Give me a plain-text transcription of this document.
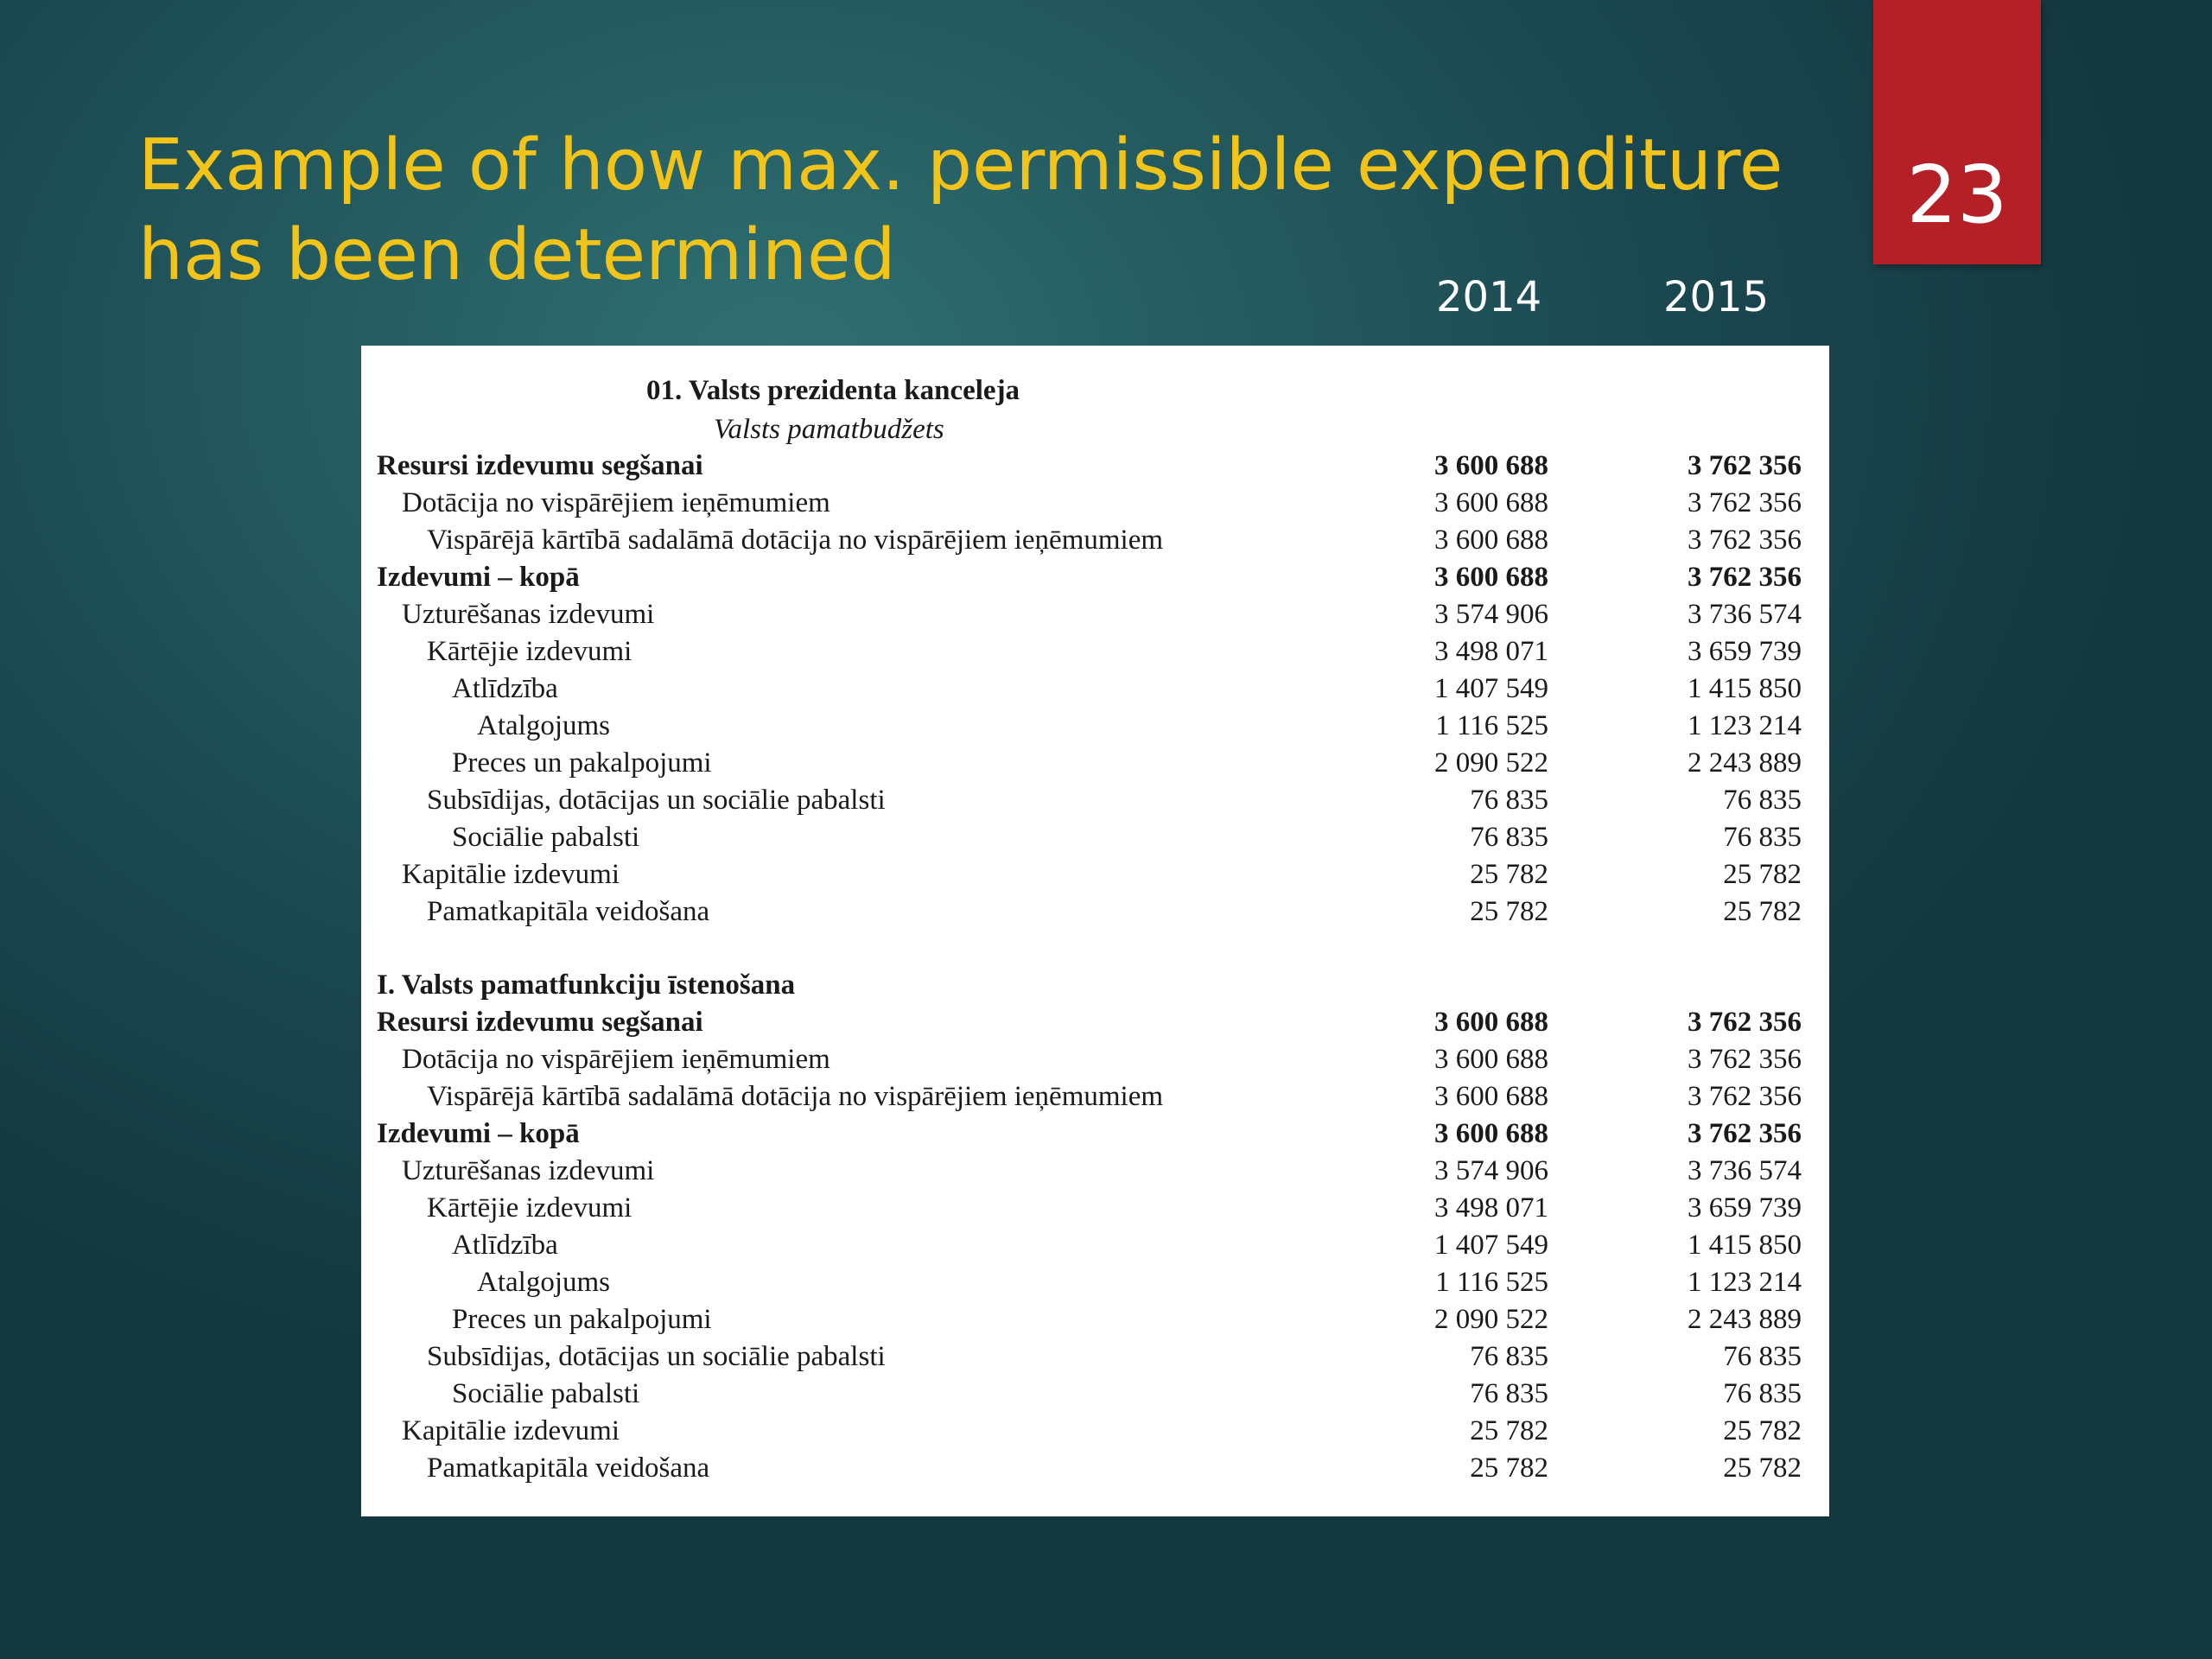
Example of how max. permissible expenditure
has been determined
23
2014	2015
01. Valsts prezidenta kanceleja
Valsts pamatbudžets
Resursi izdevumu segšanai	3 600 688	3 762 356
Dotācija no vispārējiem ieņēmumiem	3 600 688	3 762 356
Vispārējā kārtībā sadalāmā dotācija no vispārējiem ieņēmumiem	3 600 688	3 762 356
Izdevumi – kopā	3 600 688	3 762 356
Uzturēšanas izdevumi	3 574 906	3 736 574
Kārtējie izdevumi	3 498 071	3 659 739
Atlīdzība	1 407 549	1 415 850
Atalgojums	1 116 525	1 123 214
Preces un pakalpojumi	2 090 522	2 243 889
Subsīdijas, dotācijas un sociālie pabalsti	76 835	76 835
Sociālie pabalsti	76 835	76 835
Kapitālie izdevumi	25 782	25 782
Pamatkapitāla veidošana	25 782	25 782
I. Valsts pamatfunkciju īstenošana
Resursi izdevumu segšanai	3 600 688	3 762 356
Dotācija no vispārējiem ieņēmumiem	3 600 688	3 762 356
Vispārējā kārtībā sadalāmā dotācija no vispārējiem ieņēmumiem	3 600 688	3 762 356
Izdevumi – kopā	3 600 688	3 762 356
Uzturēšanas izdevumi	3 574 906	3 736 574
Kārtējie izdevumi	3 498 071	3 659 739
Atlīdzība	1 407 549	1 415 850
Atalgojums	1 116 525	1 123 214
Preces un pakalpojumi	2 090 522	2 243 889
Subsīdijas, dotācijas un sociālie pabalsti	76 835	76 835
Sociālie pabalsti	76 835	76 835
Kapitālie izdevumi	25 782	25 782
Pamatkapitāla veidošana	25 782	25 782
